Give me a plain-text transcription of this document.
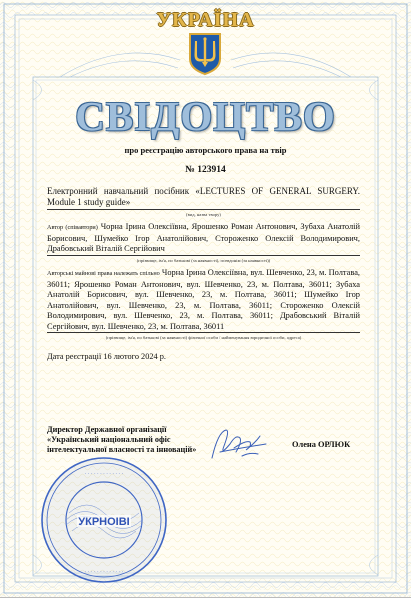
УКРАЇНА
СВІДОЦТВО
про реєстрацію авторського права на твір
№ 123914
Електронний навчальний посібник «LECTURES OF GENERAL SURGERY. Module 1 study guide»
(вид, назва твору)
Автор (співавтори) Чорна Ірина Олексіївна, Ярошенко Роман Антонович, Зубаха Анатолій Борисович, Шумейко Ігор Анатолійович, Стороженко Олексій Володимирович, Драбовський Віталій Сергійович
(прізвище, ім'я, по батькові (за наявності), псевдонім (за наявності))
Авторські майнові права належать спільно Чорна Ірина Олексіївна, вул. Шевченко, 23, м. Полтава, 36011; Ярошенко Роман Антонович, вул. Шевченко, 23, м. Полтава, 36011; Зубаха Анатолій Борисович, вул. Шевченко, 23, м. Полтава, 36011; Шумейко Ігор Анатолійович, вул. Шевченко, 23, м. Полтава, 36011; Стороженко Олексій Володимирович, вул. Шевченко, 23, м. Полтава, 36011; Драбовський Віталій Сергійович, вул. Шевченко, 23, м. Полтава, 36011
(прізвище, ім'я, по батькові (за наявності) фізичної особи / найменування юридичної особи, адреса)
Дата реєстрації 16 лютого 2024 р.
Директор Державної організації «Український національний офіс інтелектуальної власності та інновацій»
Олена ОРЛЮК
· · · · · · · · · · · · ·
· · · · · · · · · · · · ·
УКРНОІВІ
